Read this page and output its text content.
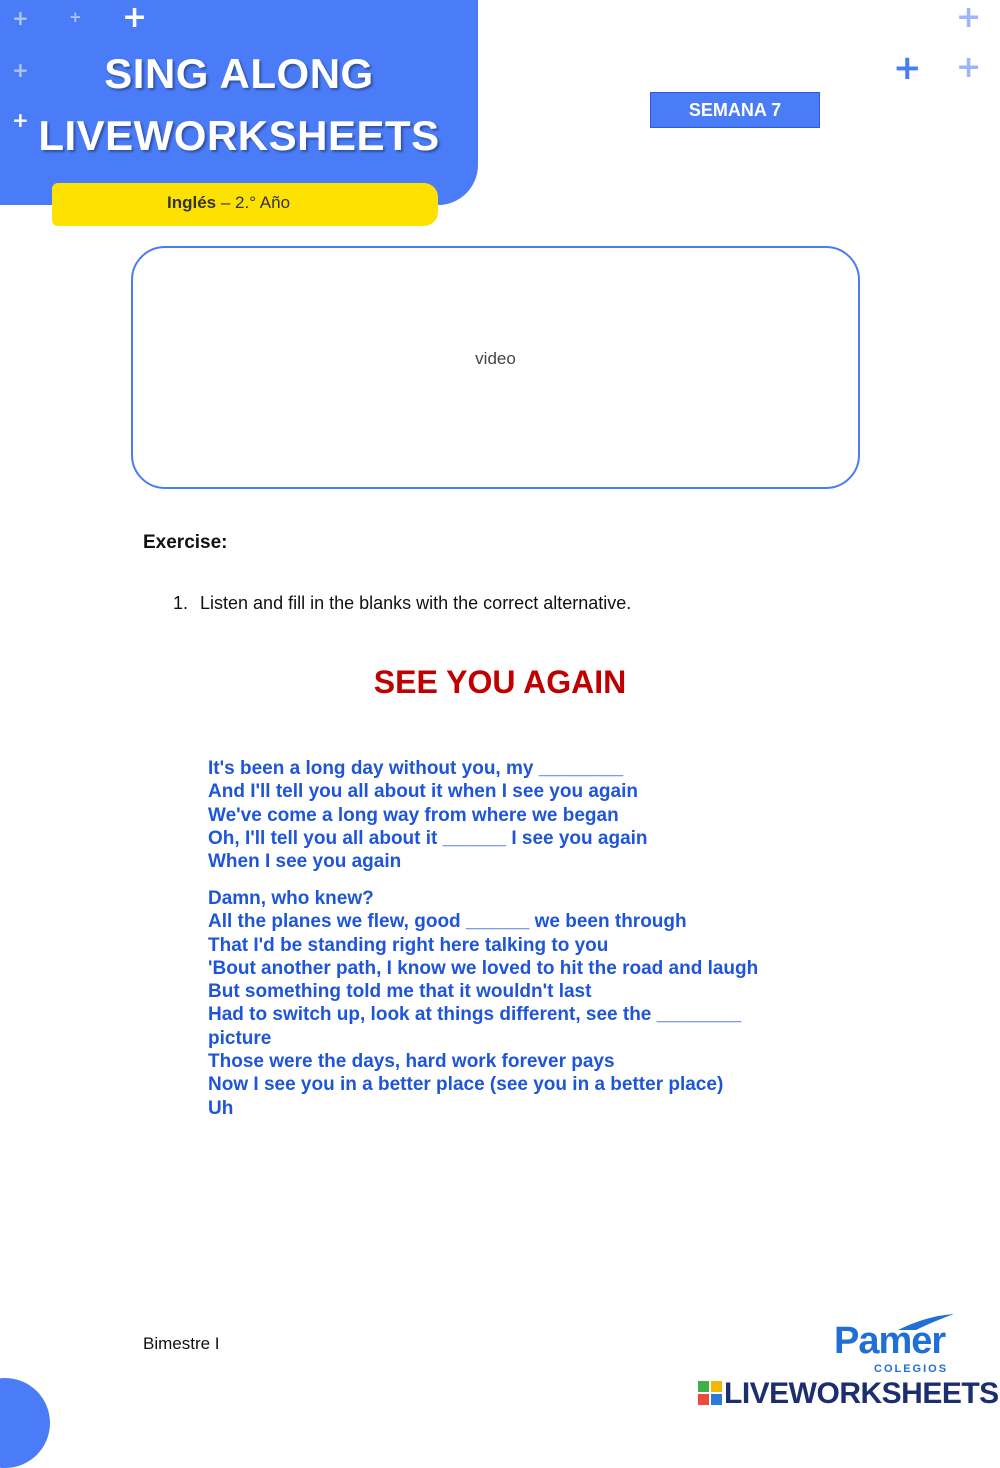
+	+ +
+
+
SING ALONG
LIVEWORKSHEETS
Inglés – 2.° Año
+
+ +
SEMANA 7
video
Exercise:
1. Listen and fill in the blanks with the correct alternative.
SEE YOU AGAIN
It's been a long day without you, my ________
And I'll tell you all about it when I see you again
We've come a long way from where we began
Oh, I'll tell you all about it ______ I see you again
When I see you again
Damn, who knew?
All the planes we flew, good ______ we been through
That I'd be standing right here talking to you
'Bout another path, I know we loved to hit the road and laugh
But something told me that it wouldn't last
Had to switch up, look at things different, see the ________
picture
Those were the days, hard work forever pays
Now I see you in a better place (see you in a better place)
Uh
Bimestre I	Pamer
COLEGIOS
LIVEWORKSHEETS
